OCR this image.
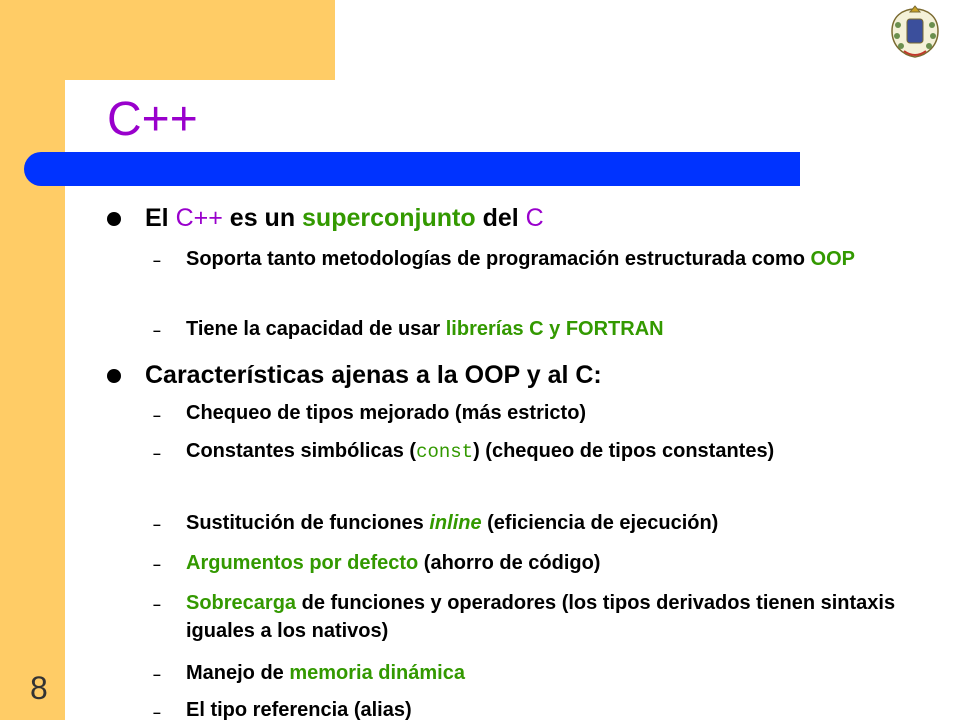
C++
El C++ es un superconjunto del C
– Soporta tanto metodologías de programación estructurada como OOP
– Tiene la capacidad de usar librerías C y FORTRAN
Características ajenas a la OOP y al C:
– Chequeo de tipos mejorado (más estricto)
– Constantes simbólicas (const) (chequeo de tipos constantes)
– Sustitución de funciones inline (eficiencia de ejecución)
– Argumentos por defecto (ahorro de código)
– Sobrecarga de funciones y operadores (los tipos derivados tienen sintaxis iguales a los nativos)
– Manejo de memoria dinámica
– El tipo referencia (alias)
8
